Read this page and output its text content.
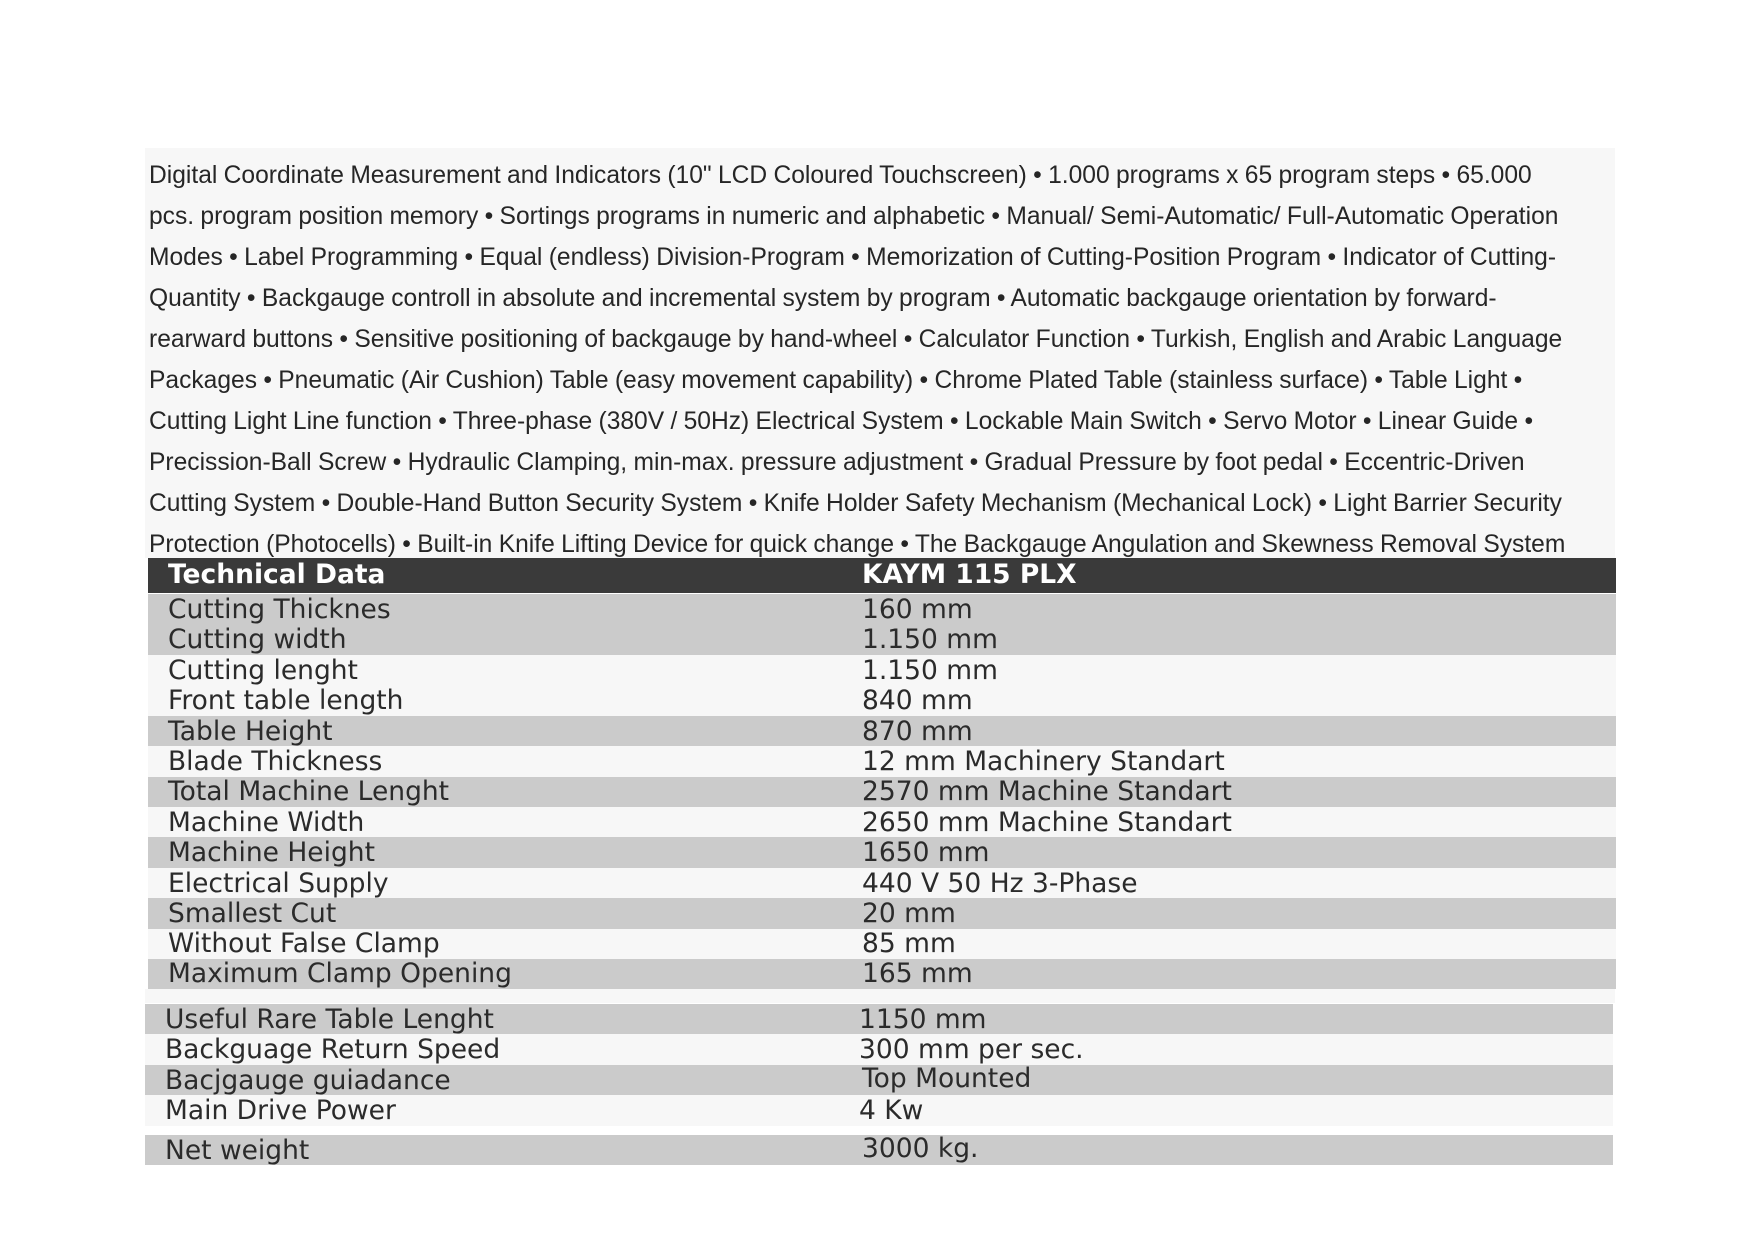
Digital Coordinate Measurement and Indicators (10" LCD Coloured Touchscreen) • 1.000 programs x 65 program steps • 65.000
pcs. program position memory • Sortings programs in numeric and alphabetic • Manual/ Semi-Automatic/ Full-Automatic Operation
Modes • Label Programming • Equal (endless) Division-Program • Memorization of Cutting-Position Program • Indicator of Cutting-
Quantity • Backgauge controll in absolute and incremental system by program • Automatic backgauge orientation by forward-
rearward buttons • Sensitive positioning of backgauge by hand-wheel • Calculator Function • Turkish, English and Arabic Language
Packages • Pneumatic (Air Cushion) Table (easy movement capability) • Chrome Plated Table (stainless surface) • Table Light •
Cutting Light Line function • Three-phase (380V / 50Hz) Electrical System • Lockable Main Switch • Servo Motor • Linear Guide •
Precission-Ball Screw • Hydraulic Clamping, min-max. pressure adjustment • Gradual Pressure by foot pedal • Eccentric-Driven
Cutting System • Double-Hand Button Security System • Knife Holder Safety Mechanism (Mechanical Lock) • Light Barrier Security
Protection (Photocells) • Built-in Knife Lifting Device for quick change • The Backgauge Angulation and Skewness Removal System
Technical Data	KAYM 115 PLX
Cutting Thicknes	160 mm
Cutting width	1.150 mm
Cutting lenght	1.150 mm
Front table length	840 mm
Table Height	870 mm
Blade Thickness	12 mm Machinery Standart
Total Machine Lenght	2570 mm Machine Standart
Machine Width	2650 mm Machine Standart
Machine Height	1650 mm
Electrical Supply	440 V 50 Hz 3-Phase
Smallest Cut	20 mm
Without False Clamp	85 mm
Maximum Clamp Opening	165 mm
Useful Rare Table Lenght	1150 mm
Backguage Return Speed	300 mm per sec.
Bacjgauge guiadance	Top Mounted
Main Drive Power	4 Kw
Net weight	3000 kg.
